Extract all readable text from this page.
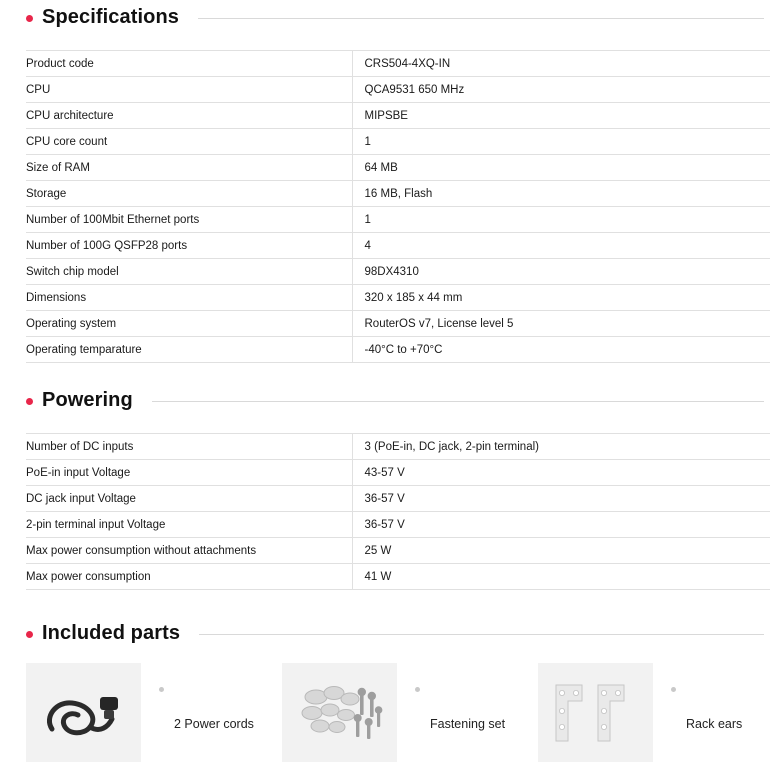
Specifications
Product code	CRS504-4XQ-IN
CPU	QCA9531 650 MHz
CPU architecture	MIPSBE
CPU core count	1
Size of RAM	64 MB
Storage	16 MB, Flash
Number of 100Mbit Ethernet ports	1
Number of 100G QSFP28 ports	4
Switch chip model	98DX4310
Dimensions	320 x 185 x 44 mm
Operating system	RouterOS v7, License level 5
Operating temparature	-40°C to +70°C
Powering
Number of DC inputs	3 (PoE-in, DC jack, 2-pin terminal)
PoE-in input Voltage	43-57 V
DC jack input Voltage	36-57 V
2-pin terminal input Voltage	36-57 V
Max power consumption without attachments	25 W
Max power consumption	41 W
Included parts
2 Power cords	Fastening set	Rack ears
